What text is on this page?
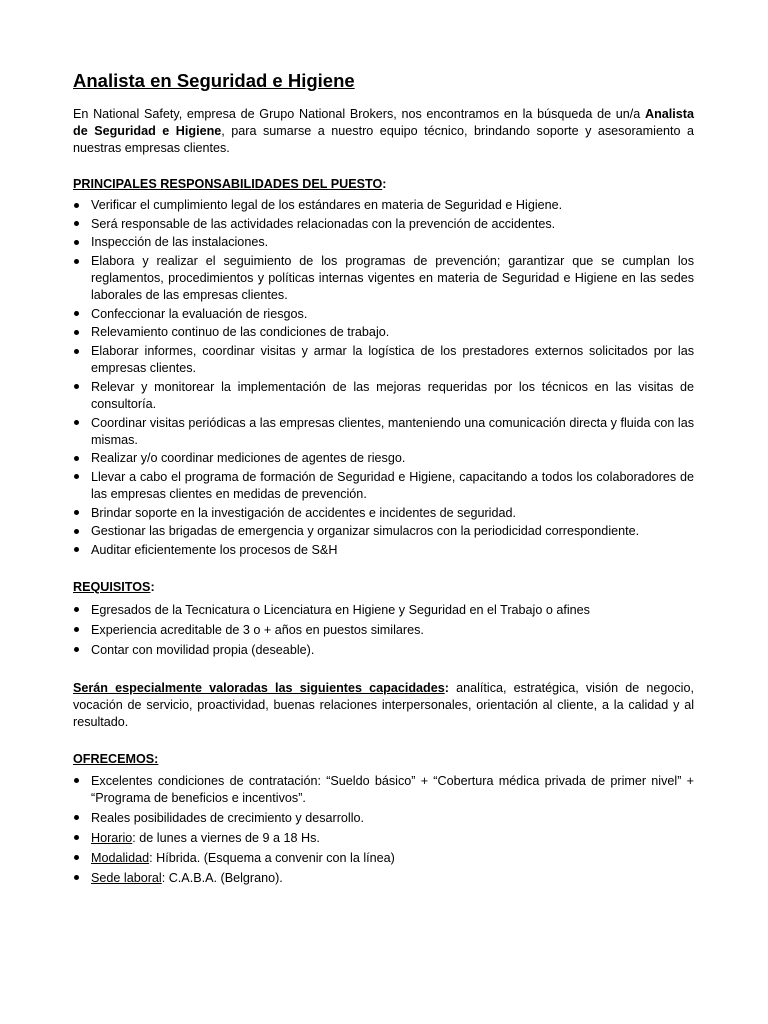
Analista en Seguridad e Higiene

En National Safety, empresa de Grupo National Brokers, nos encontramos en la búsqueda de un/a Analista de Seguridad e Higiene, para sumarse a nuestro equipo técnico, brindando soporte y asesoramiento a nuestras empresas clientes.

PRINCIPALES RESPONSABILIDADES DEL PUESTO:
Verificar el cumplimiento legal de los estándares en materia de Seguridad e Higiene.
Será responsable de las actividades relacionadas con la prevención de accidentes.
Inspección de las instalaciones.
Elabora y realizar el seguimiento de los programas de prevención; garantizar que se cumplan los reglamentos, procedimientos y políticas internas vigentes en materia de Seguridad e Higiene en las sedes laborales de las empresas clientes.
Confeccionar la evaluación de riesgos.
Relevamiento continuo de las condiciones de trabajo.
Elaborar informes, coordinar visitas y armar la logística de los prestadores externos solicitados por las empresas clientes.
Relevar y monitorear la implementación de las mejoras requeridas por los técnicos en las visitas de consultoría.
Coordinar visitas periódicas a las empresas clientes, manteniendo una comunicación directa y fluida con las mismas.
Realizar y/o coordinar mediciones de agentes de riesgo.
Llevar a cabo el programa de formación de Seguridad e Higiene, capacitando a todos los colaboradores de las empresas clientes en medidas de prevención.
Brindar soporte en la investigación de accidentes e incidentes de seguridad.
Gestionar las brigadas de emergencia y organizar simulacros con la periodicidad correspondiente.
Auditar eficientemente los procesos de S&H
REQUISITOS:
Egresados de la Tecnicatura o Licenciatura en Higiene y Seguridad en el Trabajo o afines
Experiencia acreditable de 3 o + años en puestos similares.
Contar con movilidad propia (deseable).

Serán especialmente valoradas las siguientes capacidades: analítica, estratégica, visión de negocio, vocación de servicio, proactividad, buenas relaciones interpersonales, orientación al cliente, a la calidad y al resultado.

OFRECEMOS:
Excelentes condiciones de contratación: “Sueldo básico” + “Cobertura médica privada de primer nivel” + “Programa de beneficios e incentivos”.
Reales posibilidades de crecimiento y desarrollo.
Horario: de lunes a viernes de 9 a 18 Hs.
Modalidad: Híbrida. (Esquema a convenir con la línea)
Sede laboral: C.A.B.A. (Belgrano).
